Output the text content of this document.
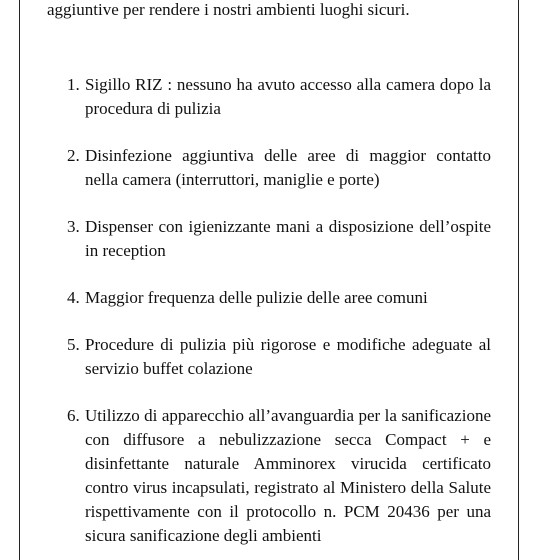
aggiuntive per rendere i nostri ambienti luoghi sicuri.
1. Sigillo RIZ : nessuno ha avuto accesso alla camera dopo la procedura di pulizia
2. Disinfezione aggiuntiva delle aree di maggior contatto nella camera (interruttori, maniglie e porte)
3. Dispenser con igienizzante mani a disposizione dell’ospite in reception
4. Maggior frequenza delle pulizie delle aree comuni
5. Procedure di pulizia più rigorose e modifiche adeguate al servizio buffet colazione
6. Utilizzo di apparecchio all’avanguardia per la sanificazione con diffusore a nebulizzazione secca Compact + e disinfettante naturale Amminorex virucida certificato contro virus incapsulati, registrato al Ministero della Salute rispettivamente con il protocollo n. PCM 20436 per una sicura sanificazione degli ambienti
